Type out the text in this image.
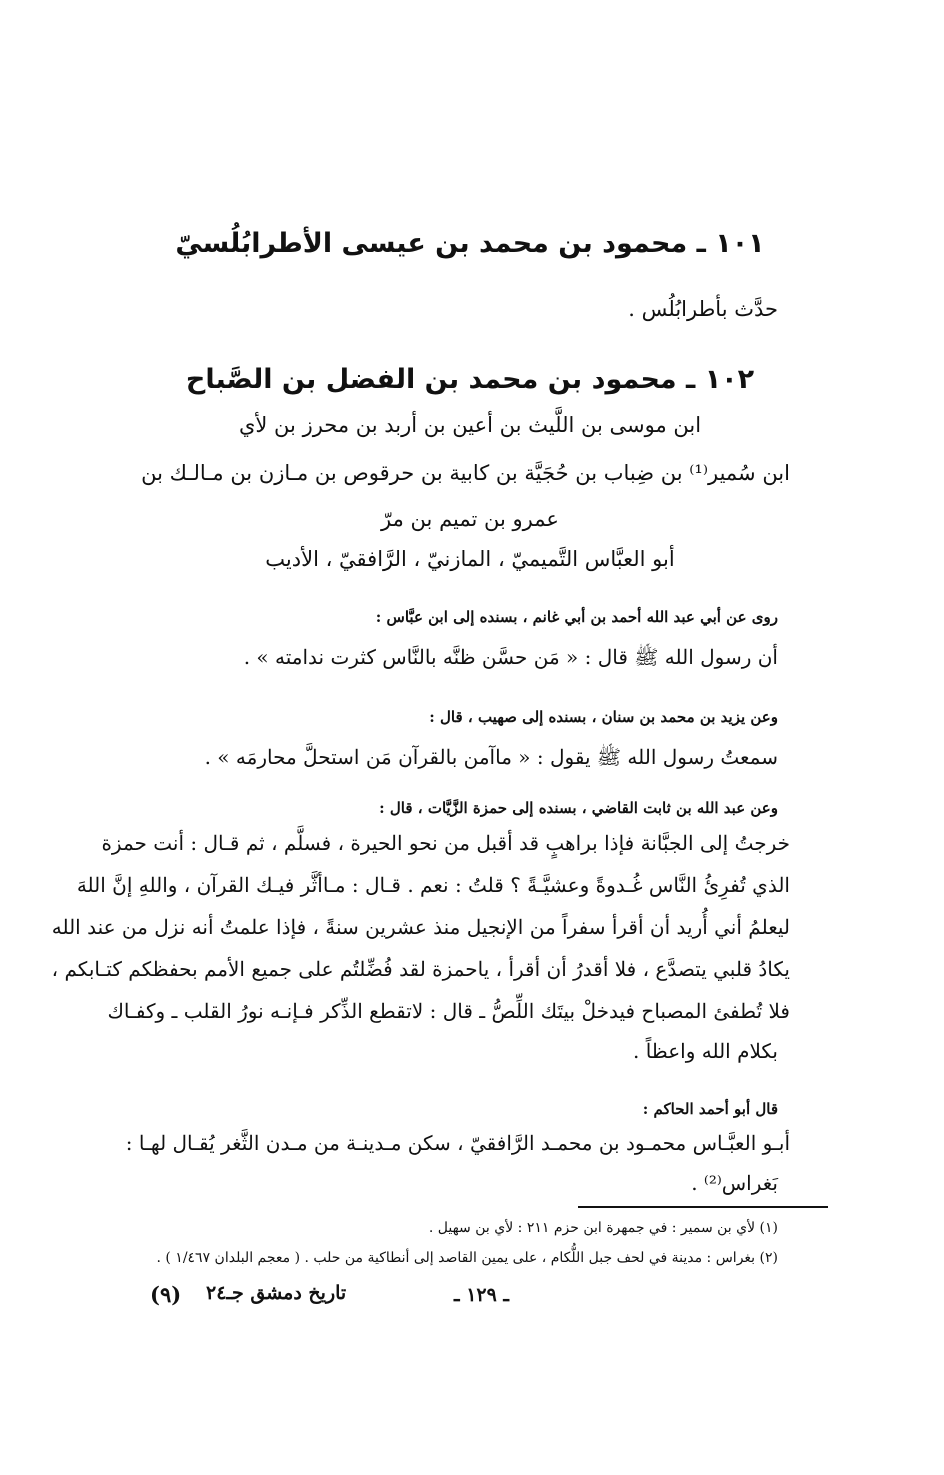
١٠١ ـ محمود بن محمد بن عيسى الأطرابُلُسيّ
حدَّث بأطرابُلُس .
١٠٢ ـ محمود بن محمد بن الفضل بن الصَّباح
ابن موسى بن اللَّيث بن أعين بن أربد بن محرز بن لأي
ابن سُمير⁽¹⁾ بن ضِباب بن حُجَيَّة بن كابية بن حرقوص بن مـازن بن مـالـك بن
عمرو بن تميم بن مرّ
أبو العبَّاس التَّميميّ ، المازنيّ ، الرَّافقيّ ، الأديب
روى عن أبي عبد الله أحمد بن أبي غانم ، بسنده إلى ابن عبَّاس :
أن رسول الله ﷺ قال : « مَن حسَّن ظنَّه بالنَّاس كثرت ندامته » .
وعن يزيد بن محمد بن سنان ، بسنده إلى صهيب ، قال :
سمعتُ رسول الله ﷺ يقول : « ماآمن بالقرآن مَن استحلَّ محارمَه » .
وعن عبد الله بن ثابت القاضي ، بسنده إلى حمزة الزَّيَّات ، قال :
خرجتُ إلى الجبَّانة فإذا براهبٍ قد أقبل من نحو الحيرة ، فسلَّم ، ثم قـال : أنت حمزة
الذي تُفرِئُ النَّاس غُـدوةً وعشيَّـةً ؟ قلتُ : نعم . قـال : مـاأثَّر فيـك القرآن ، واللهِ إنَّ اللهَ
ليعلمُ أني أُريد أن أقرأ سفراً من الإنجيل منذ عشرين سنةً ، فإذا علمتُ أنه نزل من عند الله
يكادُ قلبي يتصدَّع ، فلا أقدرُ أن أقرأ ، ياحمزة لقد فُضِّلتُم على جميع الأمم بحفظكم كتـابكم ،
فلا تُطفئ المصباح فيدخلْ بيتَك اللِّصُّ ـ قال : لاتقطع الذِّكر فـإنـه نورُ القلب ـ وكفـاك
بكلام الله واعظاً .
قال أبو أحمد الحاكم :
أبـو العبَّـاس محمـود بن محمـد الرَّافقيّ ، سكن مـدينـة من مـدن الثَّغر يُقـال لهـا :
بَغراس⁽²⁾ .
(١) لأي بن سمير : في جمهرة ابن حزم ٢١١ : لأي بن سهيل .
(٢) بغراس : مدينة في لحف جبل اللُّكام ، على يمين القاصد إلى أنطاكية من حلب . ( معجم البلدان ١/٤٦٧ ) .
ـ ١٢٩ ـ
تاريخ دمشق جـ٢٤
(٩)
